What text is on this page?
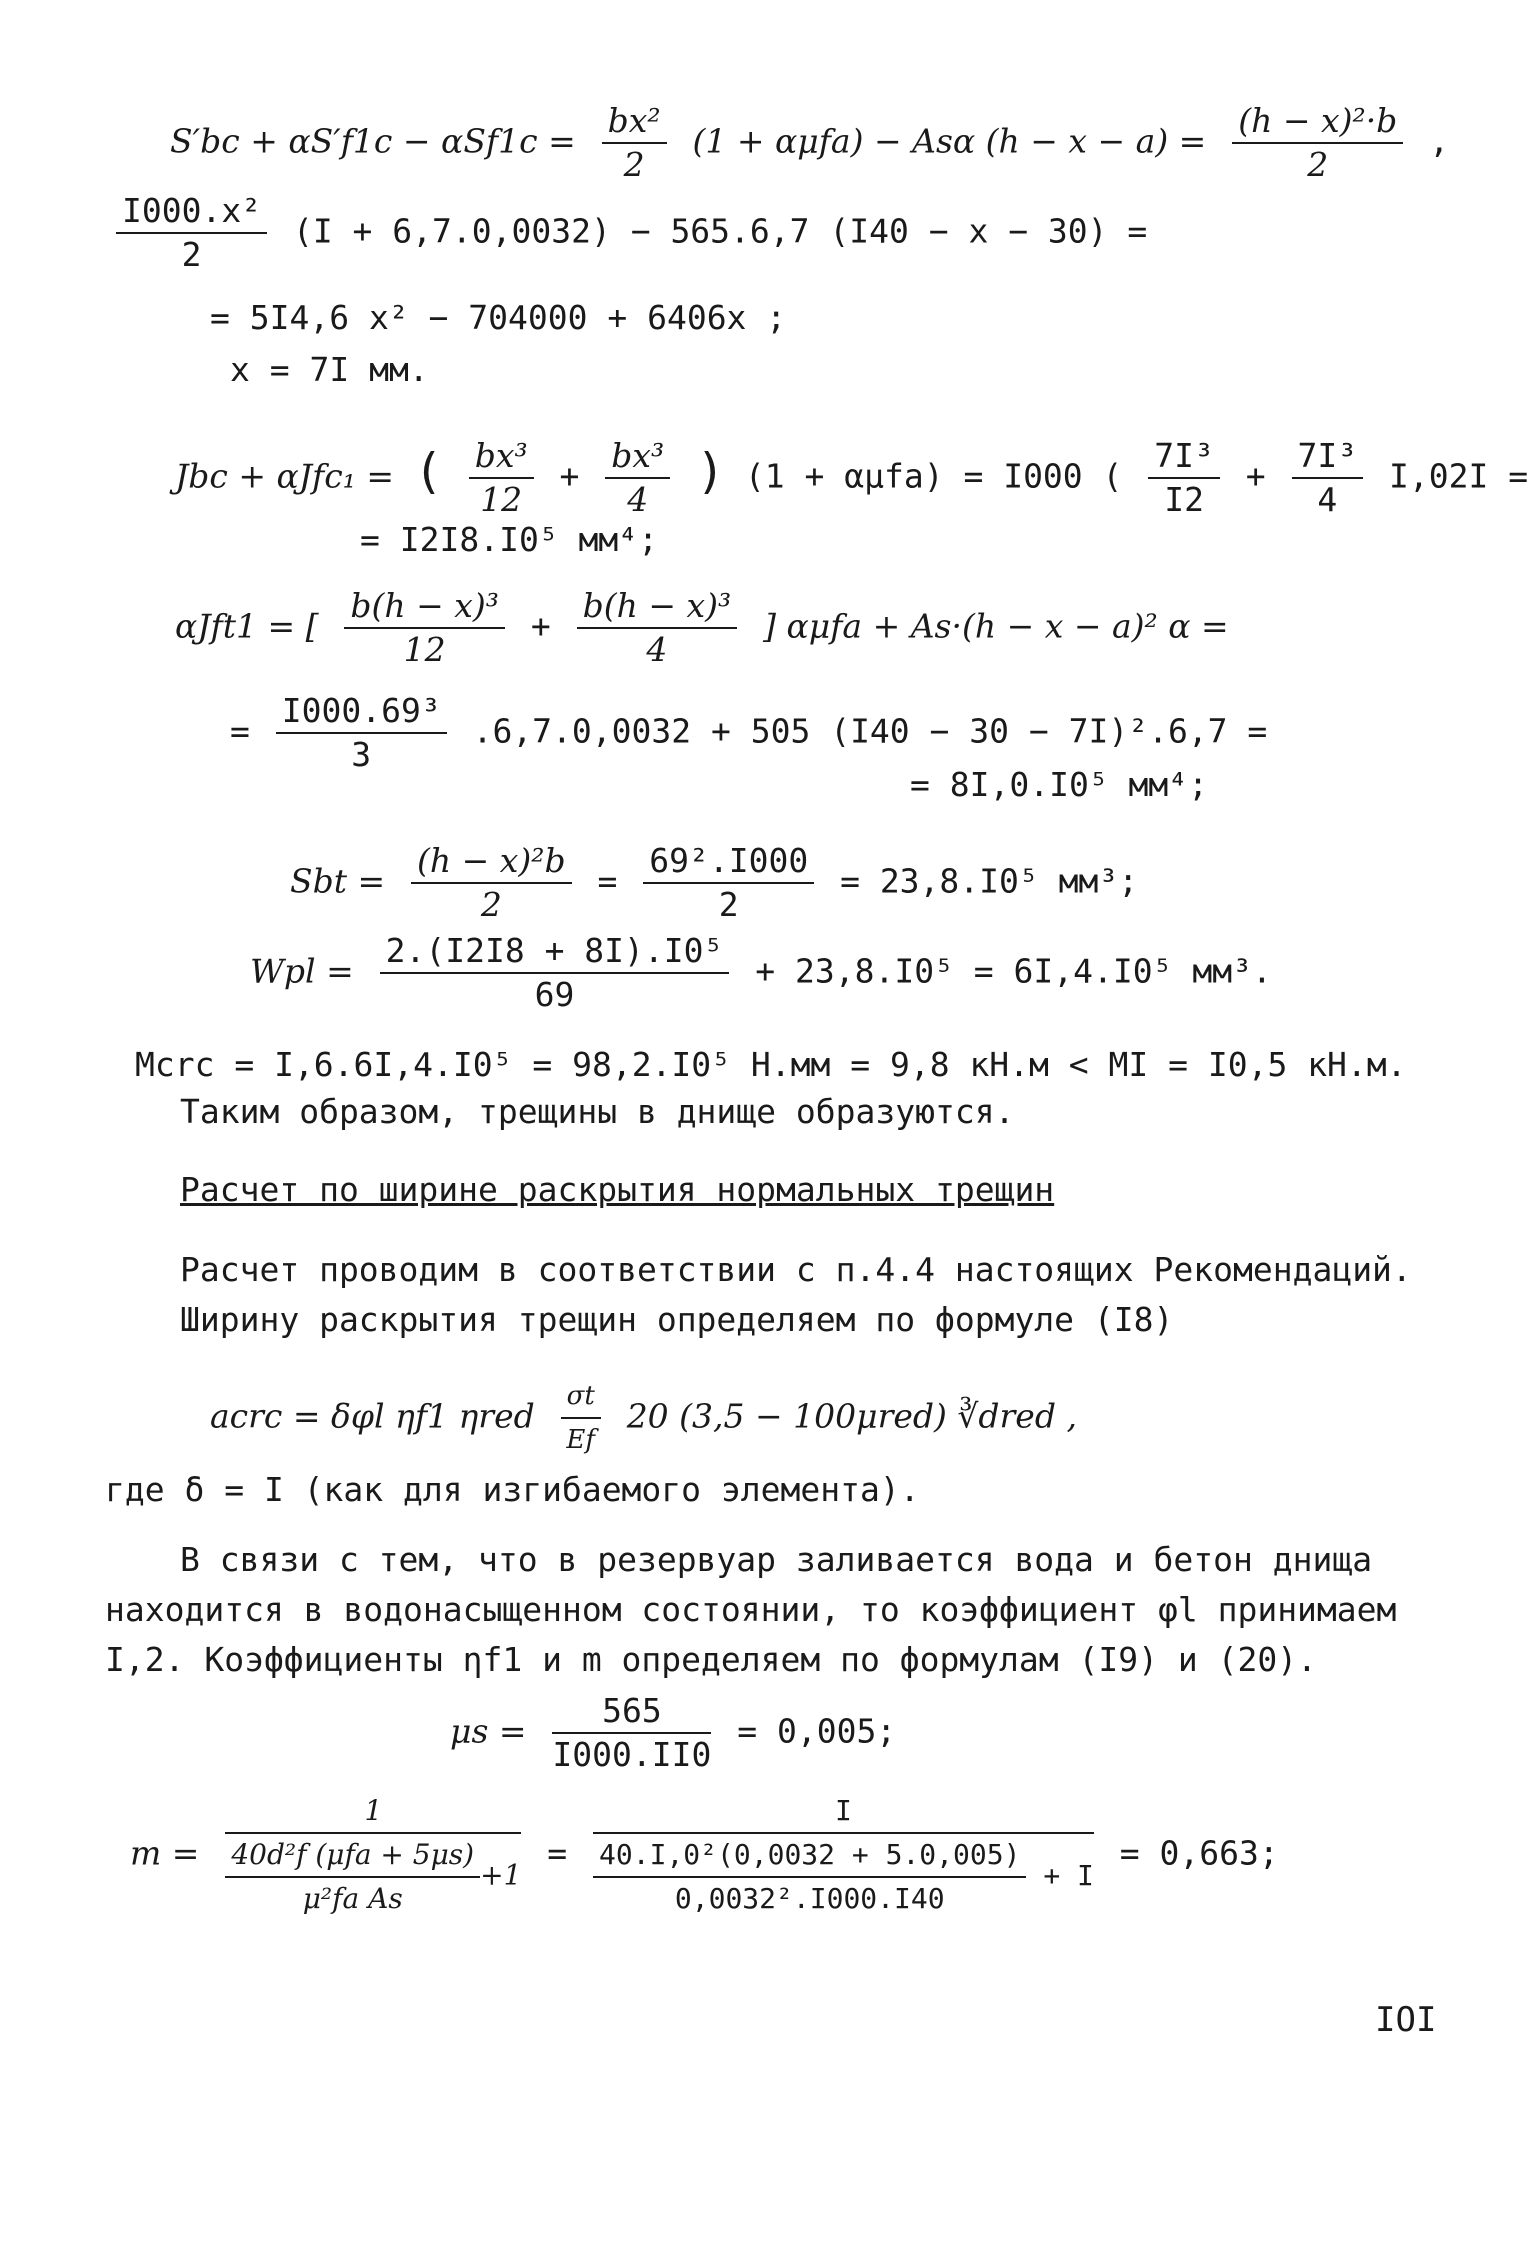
$S'bc + \alpha S'f1c - \alpha Sf1c = \frac{\text{bx²}}{2} (1 + \alpha\mu fa) - As\alpha$ $(h - x - a) = \frac{\text{(h − x)²·b}}{2}$ ,
$\frac{\text{I000.x²}}{2} (I + 6,7.0,0032) - 565.6,7$ (I40 − x − 30) =
= 5I4,6 x² − 704000 + 6406x ;
x = 7I мм.
Jbc + αJfc₁ = ( $\frac{\text{bx³}}{12} + \frac{\text{bx³}}{4}$ ) (1 + αμfa) = I000 ( $\frac{\text{7I³}}{I2} + \frac{\text{7I³}}{4} I,02I$ =
= I2I8.I0⁵ мм⁴;
αJft1 = [ $\frac{\text{b(h − x)³}}{12} + \frac{\text{b(h − x)³}}{4}$ ] αμfa + As·(h − x − a)² α =
= $\frac{\text{I000.69³}}{3} .6,7.0,0032 + 505$ (I40 − 30 − 7I)².6,7 =
= 8I,0.I0⁵ мм⁴;
Sbt = $\frac{\text{(h − x)²b}}{2} = \frac{\text{69².I000}}{2} = 23,8.I0^5$ мм³;
Wpl = $\frac{\text{2.(I2I8 + 8I).I0⁵}}{69} + 23,8.I0^5 = 6I,4.I0^5$ мм³.
Mcrc = I,6.6I,4.I0⁵ = 98,2.I0⁵ Н.мм = 9,8 кН.м < MI = I0,5 кН.м.
Таким образом, трещины в днище образуются.
Расчет по ширине раскрытия нормальных трещин
Расчет проводим в соответствии с п.4.4 настоящих Рекомендаций.
Ширину раскрытия трещин определяем по формуле (I8)
acrc = δφl ηf1 ηred $\frac{\sigma t}{Ef} 20$ (3,5 − 100μred) ∛dred ,
где δ = I (как для изгибаемого элемента).
В связи с тем, что в резервуар заливается вода и бетон днища
находится в водонасыщенном состоянии, то коэффициент φl принимаем
I,2. Коэффициенты ηf1 и m определяем по формулам (I9) и (20).
$\mu s = \frac{565}{I000.II0} = 0,005$;
$m = \frac{1}{\frac{\text{40d²f (μfa + 5μs)}}{\text{μ²fa As}} +1} = \frac{I}{\frac{\text{40.I,0²(0,0032 + 5.0,005)}}{\text{0,0032².I000.I40}} + I} = 0,663$;
IOI
